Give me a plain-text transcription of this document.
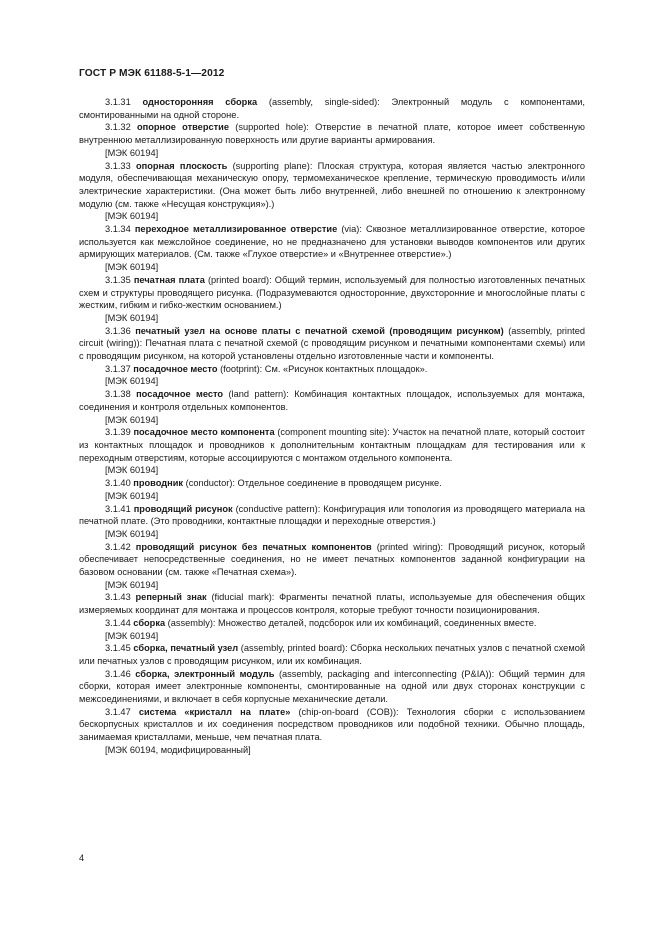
ГОСТ Р МЭК 61188-5-1—2012

3.1.31 односторонняя сборка (assembly, single-sided): Электронный модуль с компонентами, смонтированными на одной стороне.

3.1.32 опорное отверстие (supported hole): Отверстие в печатной плате, которое имеет собственную внутреннюю металлизированную поверхность или другие варианты армирования.

[МЭК 60194]

3.1.33 опорная плоскость (supporting plane): Плоская структура, которая является частью электронного модуля, обеспечивающая механическую опору, термомеханическое крепление, термическую проводимость и/или электрические характеристики. (Она может быть либо внутренней, либо внешней по отношению к электронному модулю (см. также «Несущая конструкция»).)

[МЭК 60194]

3.1.34 переходное металлизированное отверстие (via): Сквозное металлизированное отверстие, которое используется как межслойное соединение, но не предназначено для установки выводов компонентов или других армирующих материалов. (См. также «Глухое отверстие» и «Внутреннее отверстие».)

[МЭК 60194]

3.1.35 печатная плата (printed board): Общий термин, используемый для полностью изготовленных печатных схем и структуры проводящего рисунка. (Подразумеваются односторонние, двухсторонние и многослойные платы с жестким, гибким и гибко-жестким основанием.)

[МЭК 60194]

3.1.36 печатный узел на основе платы с печатной схемой (проводящим рисунком) (assembly, printed circuit (wiring)): Печатная плата с печатной схемой (с проводящим рисунком и печатными компонентами схемы) или с проводящим рисунком, на которой установлены отдельно изготовленные части и компоненты.

3.1.37 посадочное место (footprint): См. «Рисунок контактных площадок».

[МЭК 60194]

3.1.38 посадочное место (land pattern): Комбинация контактных площадок, используемых для монтажа, соединения и контроля отдельных компонентов.

[МЭК 60194]

3.1.39 посадочное место компонента (component mounting site): Участок на печатной плате, который состоит из контактных площадок и проводников к дополнительным контактным площадкам для тестирования или к переходным отверстиям, которые ассоциируются с монтажом отдельного компонента.

[МЭК 60194]

3.1.40 проводник (conductor): Отдельное соединение в проводящем рисунке.

[МЭК 60194]

3.1.41 проводящий рисунок (conductive pattern): Конфигурация или топология из проводящего материала на печатной плате. (Это проводники, контактные площадки и переходные отверстия.)

[МЭК 60194]

3.1.42 проводящий рисунок без печатных компонентов (printed wiring): Проводящий рисунок, который обеспечивает непосредственные соединения, но не имеет печатных компонентов заданной конфигурации на базовом основании (см. также «Печатная схема»).

[МЭК 60194]

3.1.43 реперный знак (fiducial mark): Фрагменты печатной платы, используемые для обеспечения общих измеряемых координат для монтажа и процессов контроля, которые требуют точности позиционирования.

3.1.44 сборка (assembly): Множество деталей, подсборок или их комбинаций, соединенных вместе.

[МЭК 60194]

3.1.45 сборка, печатный узел (assembly, printed board): Сборка нескольких печатных узлов с печатной схемой или печатных узлов с проводящим рисунком, или их комбинация.

3.1.46 сборка, электронный модуль (assembly, packaging and interconnecting (P&IA)): Общий термин для сборки, которая имеет электронные компоненты, смонтированные на одной или двух сторонах конструкции с межсоединениями, и включает в себя корпусные механические детали.

3.1.47 система «кристалл на плате» (chip-on-board (COB)): Технология сборки с использованием бескорпусных кристаллов и их соединения посредством проводников или подобной техники. Обычно площадь, занимаемая кристаллами, меньше, чем печатная плата.

[МЭК 60194, модифицированный]

4
